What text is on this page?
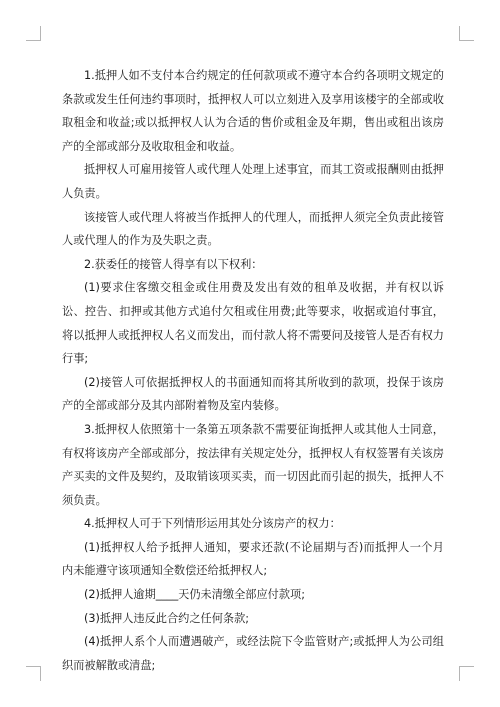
1.抵押人如不支付本合约规定的任何款项或不遵守本合约各项明文规定的条款或发生任何违约事项时，抵押权人可以立刻进入及享用该楼宇的全部或收取租金和收益;或以抵押权人认为合适的售价或租金及年期，售出或租出该房产的全部或部分及收取租金和收益。

抵押权人可雇用接管人或代理人处理上述事宜，而其工资或报酬则由抵押人负责。

该接管人或代理人将被当作抵押人的代理人，而抵押人须完全负责此接管人或代理人的作为及失职之责。

2.获委任的接管人得享有以下权利：

(1)要求住客缴交租金或住用费及发出有效的租单及收据，并有权以诉讼、控告、扣押或其他方式追付欠租或住用费;此等要求，收据或追付事宜，将以抵押人或抵押权人名义而发出，而付款人将不需要问及接管人是否有权力行事;

(2)接管人可依据抵押权人的书面通知而将其所收到的款项，投保于该房产的全部或部分及其内部附着物及室内装修。

3.抵押权人依照第十一条第五项条款不需要征询抵押人或其他人士同意，有权将该房产全部或部分，按法律有关规定处分，抵押权人有权签署有关该房产买卖的文件及契约，及取销该项买卖，而一切因此而引起的损失，抵押人不须负责。

4.抵押权人可于下列情形运用其处分该房产的权力：

(1)抵押权人给予抵押人通知，要求还款(不论届期与否)而抵押人一个月内未能遵守该项通知全数偿还给抵押权人;

(2)抵押人逾期____天仍未清缴全部应付款项;

(3)抵押人违反此合约之任何条款;

(4)抵押人系个人而遭遇破产，或经法院下令监管财产;或抵押人为公司组织而被解散或清盘;
